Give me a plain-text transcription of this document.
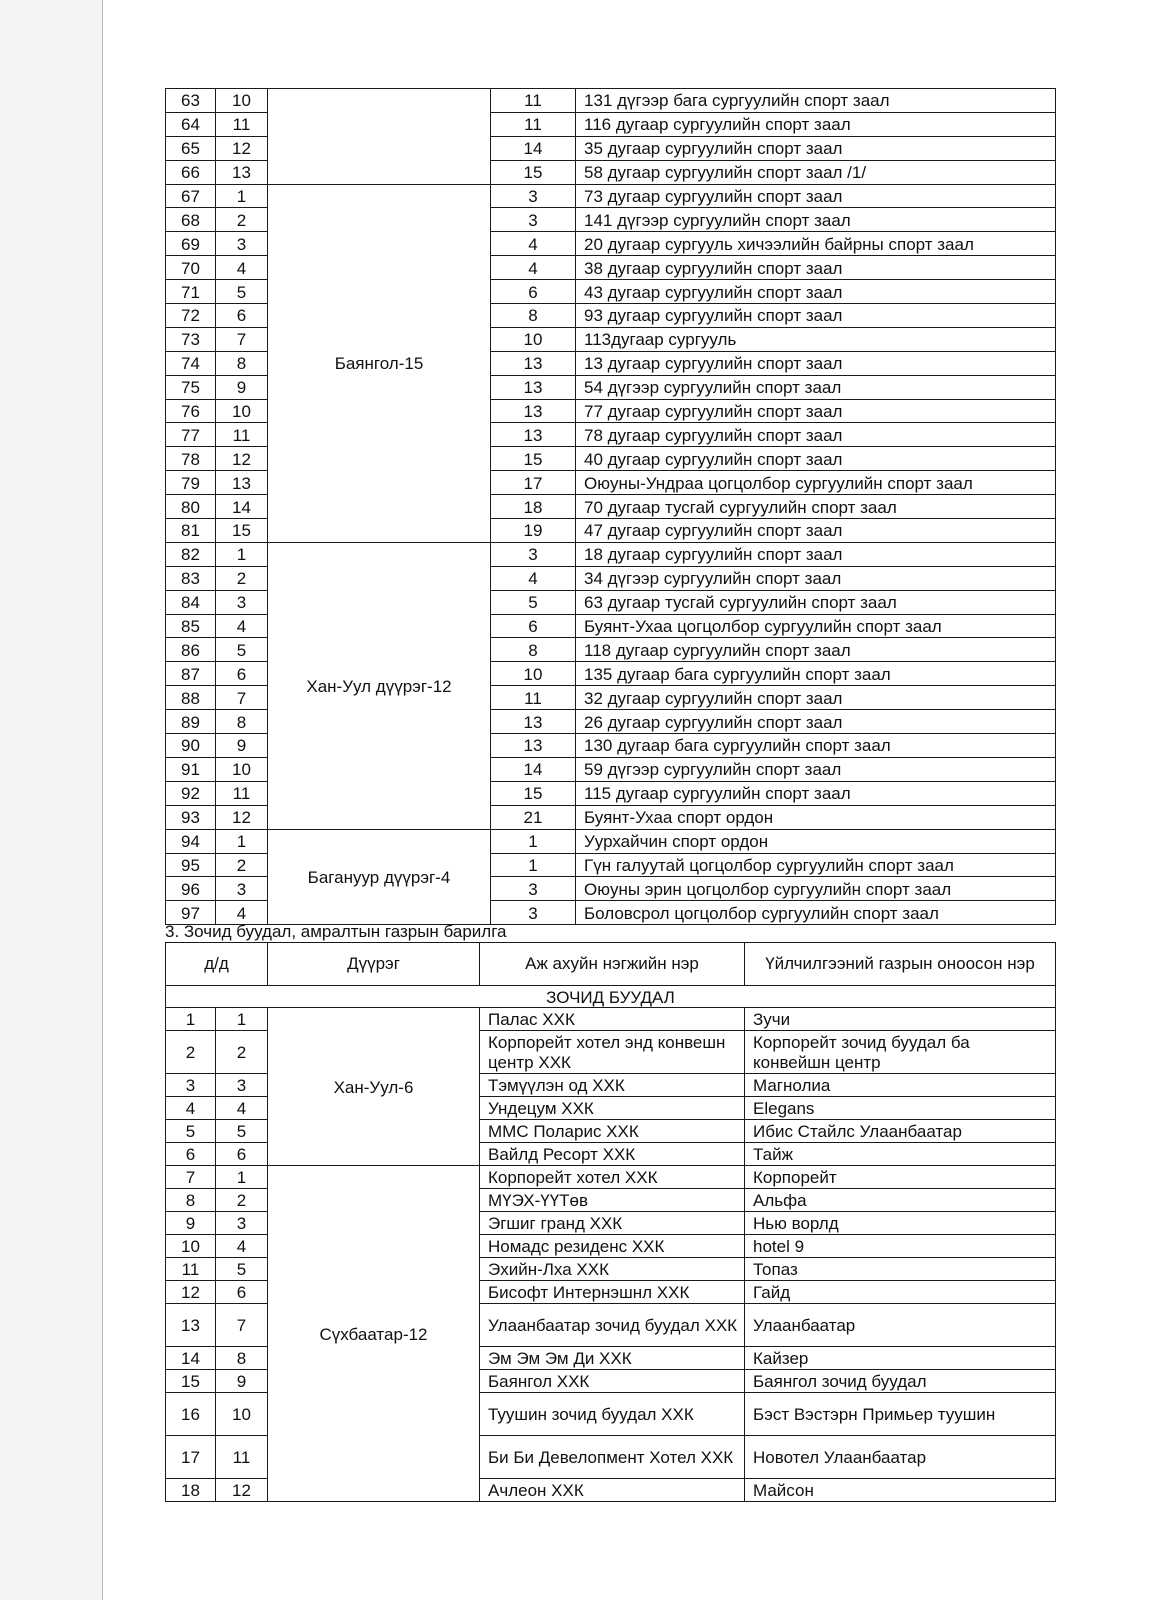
63	10		11	131 дүгээр бага сургуулийн спорт заал
64	11		11	116 дугаар сургуулийн спорт заал
65	12		14	35 дугаар сургуулийн спорт заал
66	13		15	58 дугаар сургуулийн спорт заал /1/
67	1	Баянгол-15	3	73 дугаар сургуулийн спорт заал
68	2		3	141 дүгээр сургуулийн спорт заал
69	3		4	20 дугаар сургууль хичээлийн байрны спорт заал
70	4		4	38 дугаар сургуулийн спорт заал
71	5		6	43 дугаар сургуулийн спорт заал
72	6		8	93 дугаар сургуулийн спорт заал
73	7		10	113дугаар сургууль
74	8		13	13 дугаар сургуулийн спорт заал
75	9		13	54 дүгээр сургуулийн спорт заал
76	10		13	77 дугаар сургуулийн спорт заал
77	11		13	78 дугаар сургуулийн спорт заал
78	12		15	40 дугаар сургуулийн спорт заал
79	13		17	Оюуны-Ундраа цогцолбор сургуулийн спорт заал
80	14		18	70 дугаар тусгай сургуулийн спорт заал
81	15		19	47 дугаар сургуулийн спорт заал
82	1	Хан-Уул дүүрэг-12	3	18 дугаар сургуулийн спорт заал
83	2		4	34 дүгээр сургуулийн спорт заал
84	3		5	63 дугаар тусгай сургуулийн спорт заал
85	4		6	Буянт-Ухаа цогцолбор сургуулийн спорт заал
86	5		8	118 дугаар сургуулийн спорт заал
87	6		10	135 дугаар бага сургуулийн спорт заал
88	7		11	32 дугаар сургуулийн спорт заал
89	8		13	26 дугаар сургуулийн спорт заал
90	9		13	130 дугаар бага сургуулийн спорт заал
91	10		14	59 дүгээр сургуулийн спорт заал
92	11		15	115 дугаар сургуулийн спорт заал
93	12		21	Буянт-Ухаа спорт ордон
94	1	Багануур дүүрэг-4	1	Уурхайчин спорт ордон
95	2		1	Гүн галуутай цогцолбор сургуулийн спорт заал
96	3		3	Оюуны эрин цогцолбор сургуулийн спорт заал
97	4		3	Боловсрол цогцолбор сургуулийн спорт заал
3. Зочид буудал, амралтын газрын барилга
д/д		Дүүрэг	Аж ахуйн нэгжийн нэр	Үйлчилгээний газрын оноосон нэр
ЗОЧИД БУУДАЛ				
1	1	Хан-Уул-6	Палас ХХК	Зучи
2	2		Корпорейт хотел энд конвешн центр ХХК	Корпорейт зочид буудал ба конвейшн центр
3	3		Тэмүүлэн од ХХК	Магнолиа
4	4		Ундецум ХХК	Elegans
5	5		ММС Поларис ХХК	Ибис Стайлс Улаанбаатар
6	6		Вайлд Ресорт ХХК	Тайж
7	1	Сүхбаатар-12	Корпорейт хотел ХХК	Корпорейт
8	2		МҮЭХ-ҮҮТөв	Альфа
9	3		Эгшиг гранд ХХК	Нью ворлд
10	4		Номадс резиденс ХХК	hotel 9
11	5		Эхийн-Лха ХХК	Топаз
12	6		Бисофт Интернэшнл ХХК	Гайд
13	7		Улаанбаатар зочид буудал ХХК	Улаанбаатар
14	8		Эм Эм Эм Ди ХХК	Кайзер
15	9		Баянгол ХХК	Баянгол зочид буудал
16	10		Туушин зочид буудал ХХК	Бэст Вэстэрн Примьер туушин
17	11		Би Би Девелопмент Хотел ХХК	Новотел Улаанбаатар
18	12		Ачлеон ХХК	Майсон
